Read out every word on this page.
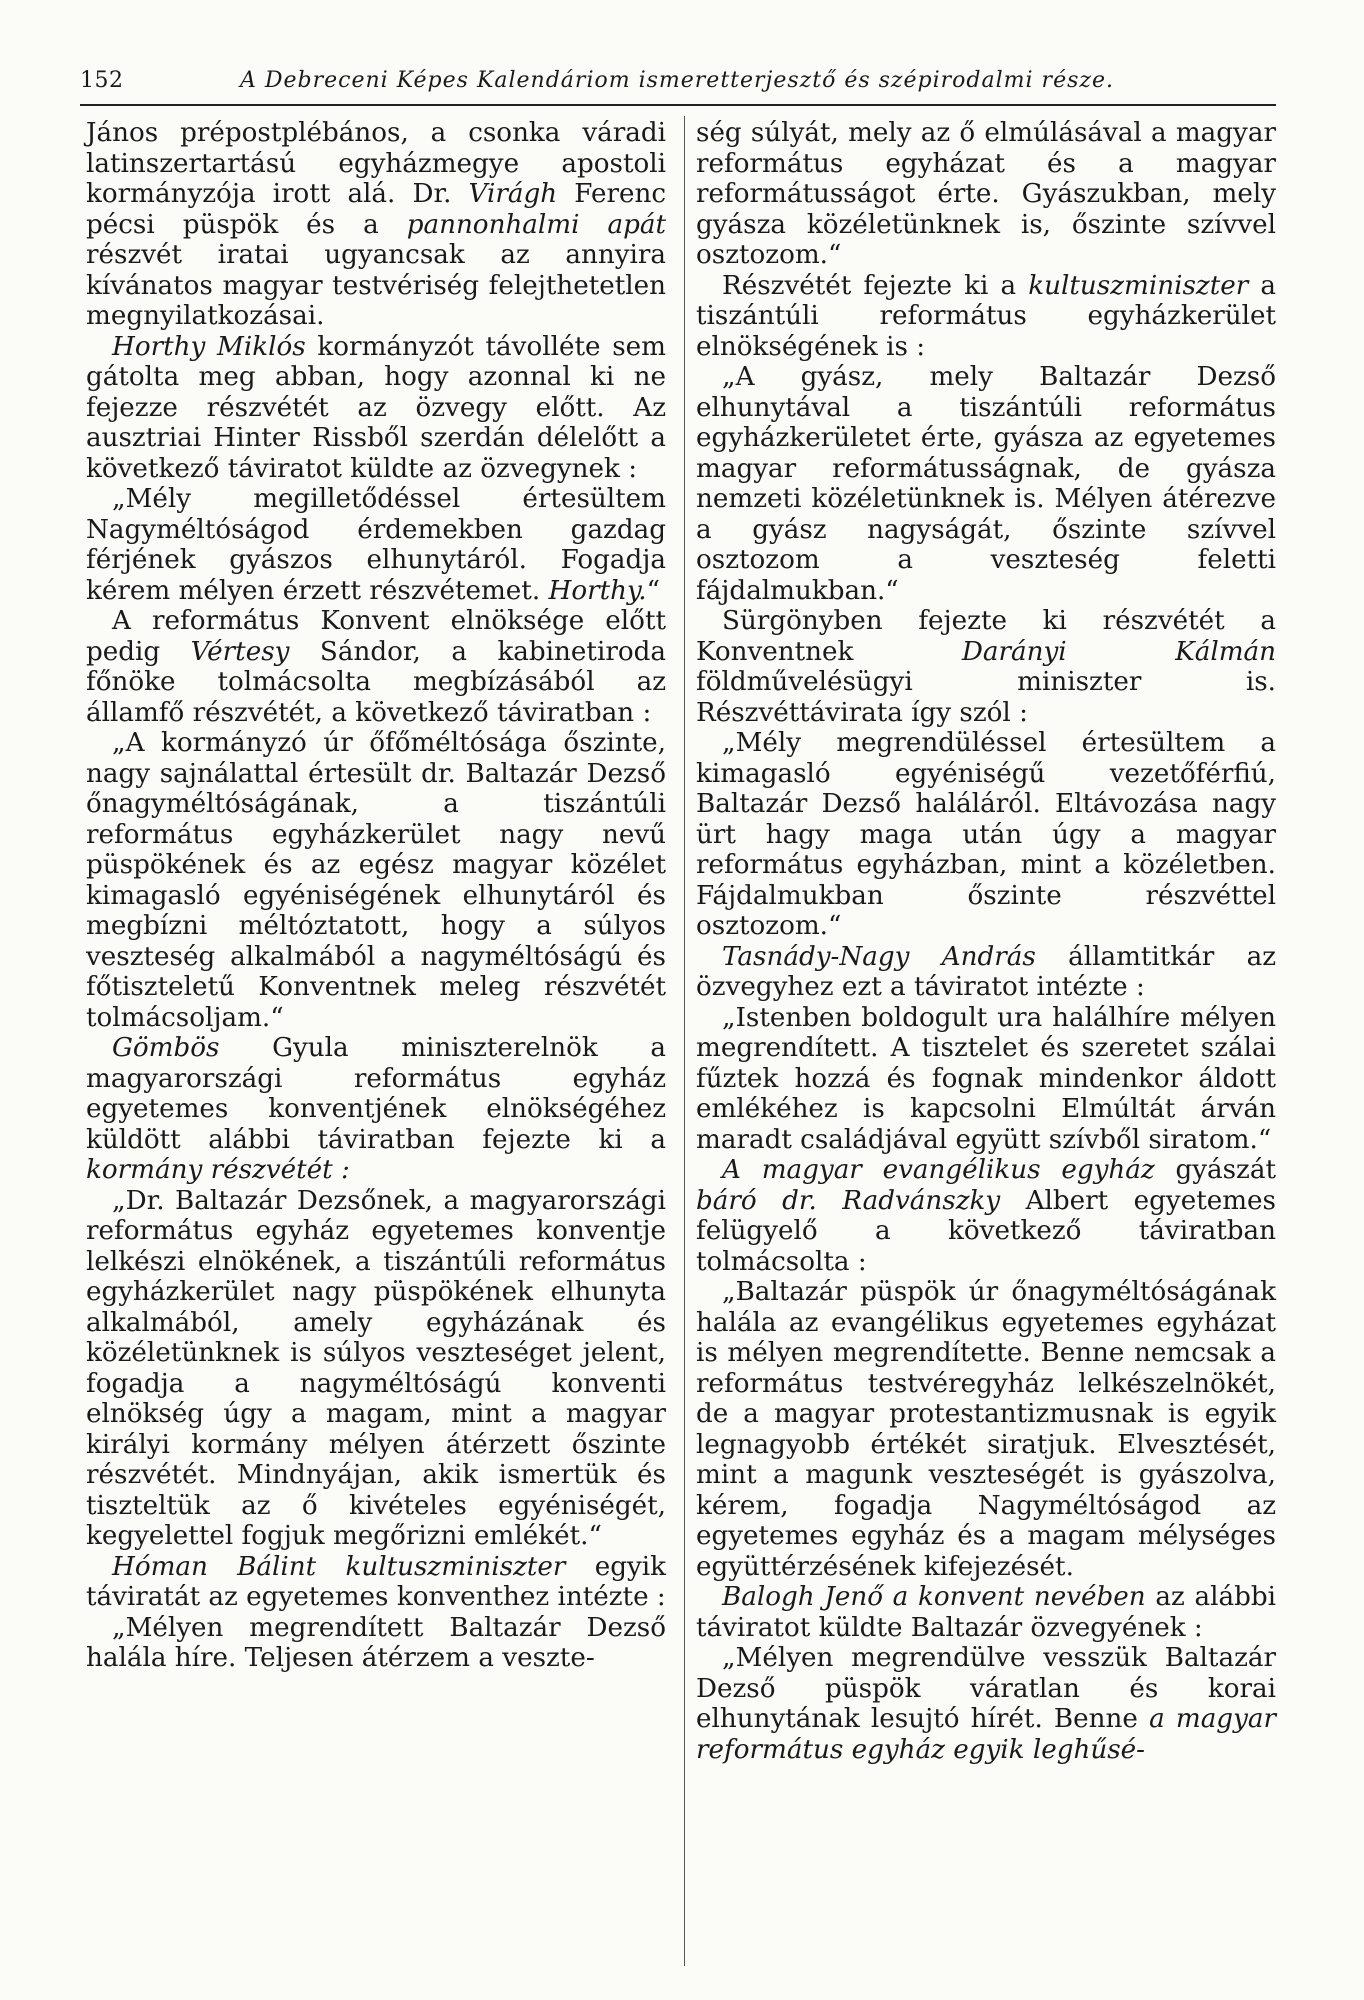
152	A Debreceni Képes Kalendáriom ismeretterjesztő és szépirodalmi része.

János prépostplébános, a csonka váradi latinszertartású egyházmegye apostoli kormányzója irott alá. Dr. Virágh Ferenc pécsi püspök és a pannonhalmi apát részvét iratai ugyancsak az annyira kívánatos magyar testvériség felejthetetlen megnyilatkozásai.

Horthy Miklós kormányzót távolléte sem gátolta meg abban, hogy azonnal ki ne fejezze részvétét az özvegy előtt. Az ausztriai Hinter Rissből szerdán délelőtt a következő táviratot küldte az özvegynek :

„Mély megilletődéssel értesültem Nagyméltóságod érdemekben gazdag férjének gyászos elhunytáról. Fogadja kérem mélyen érzett részvétemet. Horthy.“

A református Konvent elnöksége előtt pedig Vértesy Sándor, a kabinetiroda főnöke tolmácsolta megbízásából az államfő részvétét, a következő táviratban :

„A kormányzó úr őfőméltósága őszinte, nagy sajnálattal értesült dr. Baltazár Dezső őnagyméltóságának, a tiszántúli református egyházkerület nagy nevű püspökének és az egész magyar közélet kimagasló egyéniségének elhunytáról és megbízni méltóztatott, hogy a súlyos veszteség alkalmából a nagyméltóságú és főtiszteletű Konventnek meleg részvétét tolmácsoljam.“

Gömbös Gyula miniszterelnök a magyarországi református egyház egyetemes konventjének elnökségéhez küldött alábbi táviratban fejezte ki a kormány részvétét :

„Dr. Baltazár Dezsőnek, a magyarországi református egyház egyetemes konventje lelkészi elnökének, a tiszántúli református egyházkerület nagy püspökének elhunyta alkalmából, amely egyházának és közéletünknek is súlyos veszteséget jelent, fogadja a nagyméltóságú konventi elnökség úgy a magam, mint a magyar királyi kormány mélyen átérzett őszinte részvétét. Mindnyájan, akik ismertük és tiszteltük az ő kivételes egyéniségét, kegyelettel fogjuk megőrizni emlékét.“

Hóman Bálint kultuszminiszter egyik táviratát az egyetemes konventhez intézte :

„Mélyen megrendített Baltazár Dezső halála híre. Teljesen átérzem a veszte-

ség súlyát, mely az ő elmúlásával a magyar református egyházat és a magyar reformátusságot érte. Gyászukban, mely gyásza közéletünknek is, őszinte szívvel osztozom.“

Részvétét fejezte ki a kultuszminiszter a tiszántúli református egyházkerület elnökségének is :

„A gyász, mely Baltazár Dezső elhunytával a tiszántúli református egyházkerületet érte, gyásza az egyetemes magyar reformátusságnak, de gyásza nemzeti közéletünknek is. Mélyen átérezve a gyász nagyságát, őszinte szívvel osztozom a veszteség feletti fájdalmukban.“

Sürgönyben fejezte ki részvétét a Konventnek Darányi Kálmán földművelésügyi miniszter is. Részvéttávirata így szól :

„Mély megrendüléssel értesültem a kimagasló egyéniségű vezetőférfiú, Baltazár Dezső haláláról. Eltávozása nagy ürt hagy maga után úgy a magyar református egyházban, mint a közéletben. Fájdalmukban őszinte részvéttel osztozom.“

Tasnády-Nagy András államtitkár az özvegyhez ezt a táviratot intézte :

„Istenben boldogult ura halálhíre mélyen megrendített. A tisztelet és szeretet szálai fűztek hozzá és fognak mindenkor áldott emlékéhez is kapcsolni Elmúltát árván maradt családjával együtt szívből siratom.“

A magyar evangélikus egyház gyászát báró dr. Radvánszky Albert egyetemes felügyelő a következő táviratban tolmácsolta :

„Baltazár püspök úr őnagyméltóságának halála az evangélikus egyetemes egyházat is mélyen megrendítette. Benne nemcsak a református testvéregyház lelkészelnökét, de a magyar protestantizmusnak is egyik legnagyobb értékét siratjuk. Elvesztését, mint a magunk veszteségét is gyászolva, kérem, fogadja Nagyméltóságod az egyetemes egyház és a magam mélységes együttérzésének kifejezését.

Balogh Jenő a konvent nevében az alábbi táviratot küldte Baltazár özvegyének :

„Mélyen megrendülve vesszük Baltazár Dezső püspök váratlan és korai elhunytának lesujtó hírét. Benne a magyar református egyház egyik leghűsé-
